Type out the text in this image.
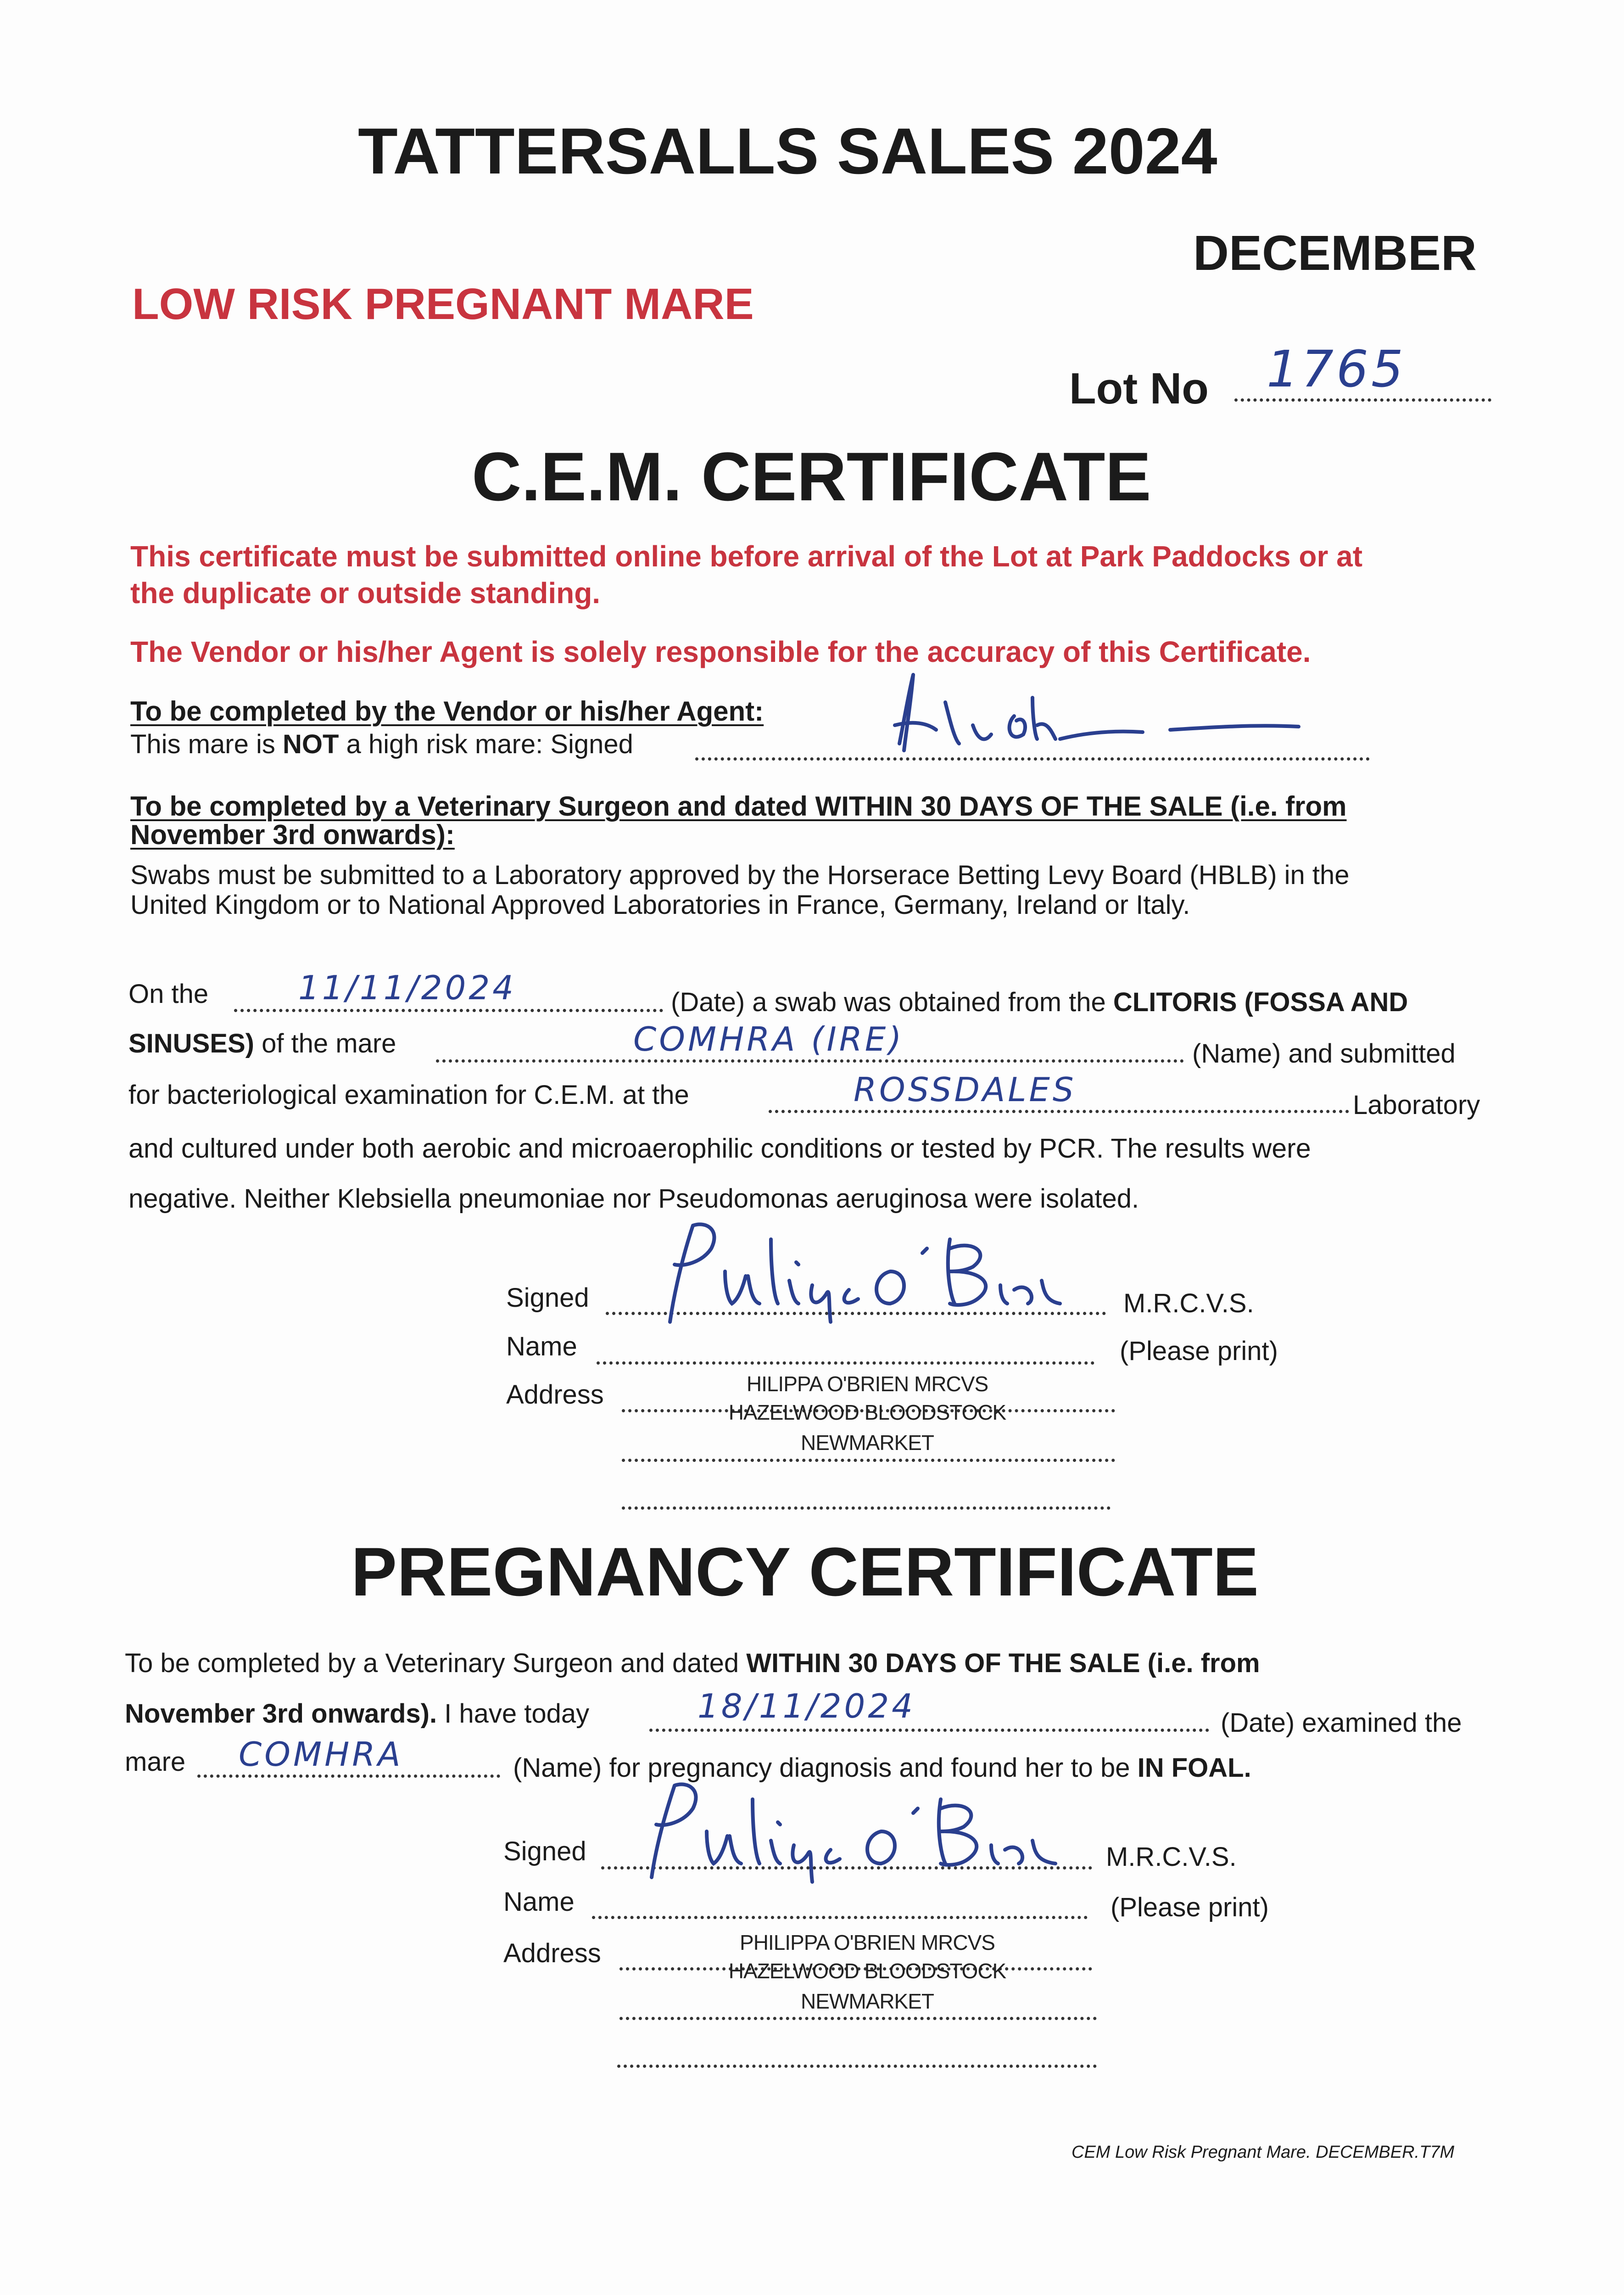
TATTERSALLS SALES 2024
DECEMBER
LOW RISK PREGNANT MARE
Lot No 1765
C.E.M. CERTIFICATE
This certificate must be submitted online before arrival of the Lot at Park Paddocks or at
the duplicate or outside standing.
The Vendor or his/her Agent is solely responsible for the accuracy of this Certificate.
To be completed by the Vendor or his/her Agent:
This mare is NOT a high risk mare: Signed
To be completed by a Veterinary Surgeon and dated WITHIN 30 DAYS OF THE SALE (i.e. from
November 3rd onwards):
Swabs must be submitted to a Laboratory approved by the Horserace Betting Levy Board (HBLB) in the
United Kingdom or to National Approved Laboratories in France, Germany, Ireland or Italy.
On the	11/11/2024	(Date) a swab was obtained from the CLITORIS (FOSSA AND
SINUSES) of the mare	COMHRA (IRE)	(Name) and submitted
for bacteriological examination for C.E.M. at the	ROSSDALES	Laboratory
and cultured under both aerobic and microaerophilic conditions or tested by PCR. The results were
negative. Neither Klebsiella pneumoniae nor Pseudomonas aeruginosa were isolated.
Signed	M.R.C.V.S.
Name	(Please print)
Address	HILIPPA O'BRIEN MRCVS
HAZELWOOD BLOODSTOCK
NEWMARKET
PREGNANCY CERTIFICATE
To be completed by a Veterinary Surgeon and dated WITHIN 30 DAYS OF THE SALE (i.e. from
November 3rd onwards). I have today	18/11/2024	(Date) examined the
mare COMHRA	(Name) for pregnancy diagnosis and found her to be IN FOAL.
Signed	M.R.C.V.S.
Name	(Please print)
Address	PHILIPPA O'BRIEN MRCVS
HAZELWOOD BLOODSTOCK
NEWMARKET
CEM Low Risk Pregnant Mare. DECEMBER.T7M
